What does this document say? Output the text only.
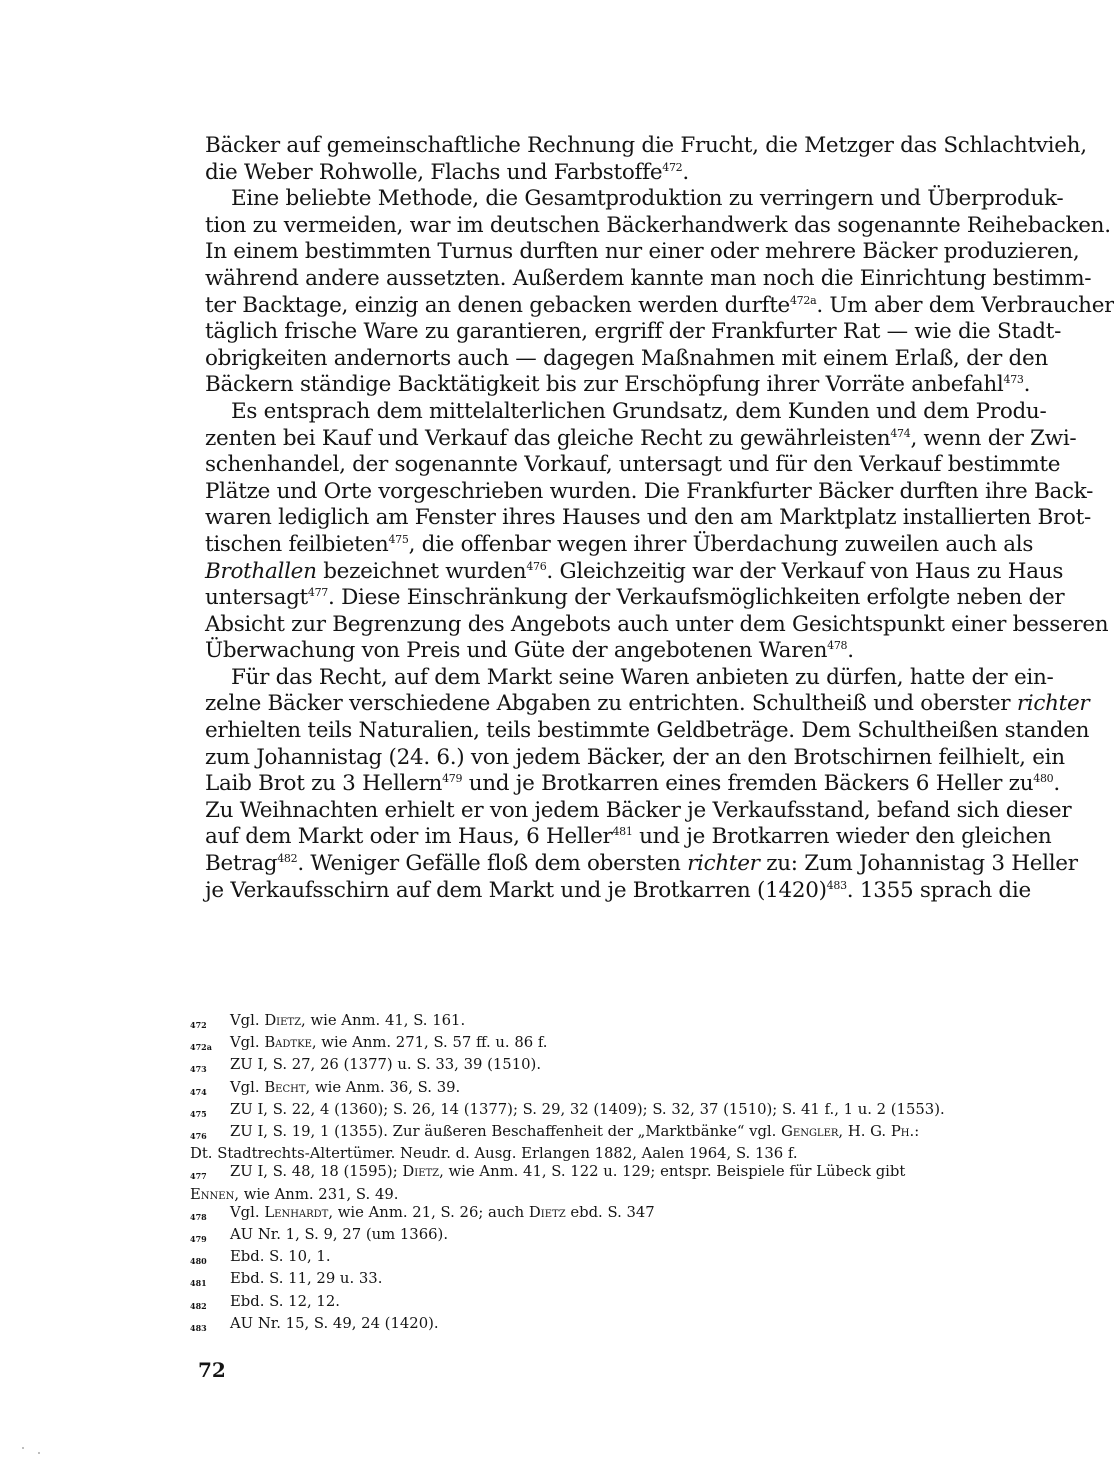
Bäcker auf gemeinschaftliche Rechnung die Frucht, die Metzger das Schlachtvieh,
die Weber Rohwolle, Flachs und Farbstoffe$^{472}$.

Eine beliebte Methode, die Gesamtproduktion zu verringern und Überproduk-
tion zu vermeiden, war im deutschen Bäckerhandwerk das sogenannte Reihebacken.
In einem bestimmten Turnus durften nur einer oder mehrere Bäcker produzieren,
während andere aussetzten. Außerdem kannte man noch die Einrichtung bestimm-
ter Backtage, einzig an denen gebacken werden durfte$^{472a}$. Um aber dem Verbraucher
täglich frische Ware zu garantieren, ergriff der Frankfurter Rat — wie die Stadt-
obrigkeiten andernorts auch — dagegen Maßnahmen mit einem Erlaß, der den
Bäckern ständige Backtätigkeit bis zur Erschöpfung ihrer Vorräte anbefahl$^{473}$.

Es entsprach dem mittelalterlichen Grundsatz, dem Kunden und dem Produ-
zenten bei Kauf und Verkauf das gleiche Recht zu gewährleisten$^{474}$, wenn der Zwi-
schenhandel, der sogenannte Vorkauf, untersagt und für den Verkauf bestimmte
Plätze und Orte vorgeschrieben wurden. Die Frankfurter Bäcker durften ihre Back-
waren lediglich am Fenster ihres Hauses und den am Marktplatz installierten Brot-
tischen feilbieten$^{475}$, die offenbar wegen ihrer Überdachung zuweilen auch als
Brothallen bezeichnet wurden$^{476}$. Gleichzeitig war der Verkauf von Haus zu Haus
untersagt$^{477}$. Diese Einschränkung der Verkaufsmöglichkeiten erfolgte neben der
Absicht zur Begrenzung des Angebots auch unter dem Gesichtspunkt einer besseren
Überwachung von Preis und Güte der angebotenen Waren$^{478}$.

Für das Recht, auf dem Markt seine Waren anbieten zu dürfen, hatte der ein-
zelne Bäcker verschiedene Abgaben zu entrichten. Schultheiß und oberster richter
erhielten teils Naturalien, teils bestimmte Geldbeträge. Dem Schultheißen standen
zum Johannistag (24. 6.) von jedem Bäcker, der an den Brotschirnen feilhielt, ein
Laib Brot zu 3 Hellern$^{479}$ und je Brotkarren eines fremden Bäckers 6 Heller $zu^{480}$.
Zu Weihnachten erhielt er von jedem Bäcker je Verkaufsstand, befand sich dieser
auf dem Markt oder im Haus, 6 Heller$^{481}$ und je Brotkarren wieder den gleichen
Betrag$^{482}$. Weniger Gefälle floß dem obersten richter zu: Zum Johannistag 3 Heller
je Verkaufsschirn auf dem Markt und je Brotkarren $(1420)^{483}$. 1355 sprach die

472	Vgl. Dietz, wie Anm. 41, S. 161.
472a	Vgl. Badtke, wie Anm. 271, S. 57 ff. u. 86 f.
473	ZU I, S. 27, 26 (1377) u. S. 33, 39 (1510).
474	Vgl. Becht, wie Anm. 36, S. 39.
475	ZU I, S. 22, 4 (1360); S. 26, 14 (1377); S. 29, 32 (1409); S. 32, 37 (1510); S. 41 f., 1 u. 2 (1553).
476	ZU I, S. 19, 1 (1355). Zur äußeren Beschaffenheit der „Marktbänke“ vgl. Gengler, H. G. Ph.:
Dt. Stadtrechts-Altertümer. Neudr. d. Ausg. Erlangen 1882, Aalen 1964, S. 136 f.
477	ZU I, S. 48, 18 (1595); Dietz, wie Anm. 41, S. 122 u. 129; entspr. Beispiele für Lübeck gibt
Ennen, wie Anm. 231, S. 49.
478	Vgl. Lenhardt, wie Anm. 21, S. 26; auch Dietz ebd. S. 347
479	AU Nr. 1, S. 9, 27 (um 1366).
480	Ebd. S. 10, 1.
481	Ebd. S. 11, 29 u. 33.
482	Ebd. S. 12, 12.
483	AU Nr. 15, S. 49, 24 (1420).
72
